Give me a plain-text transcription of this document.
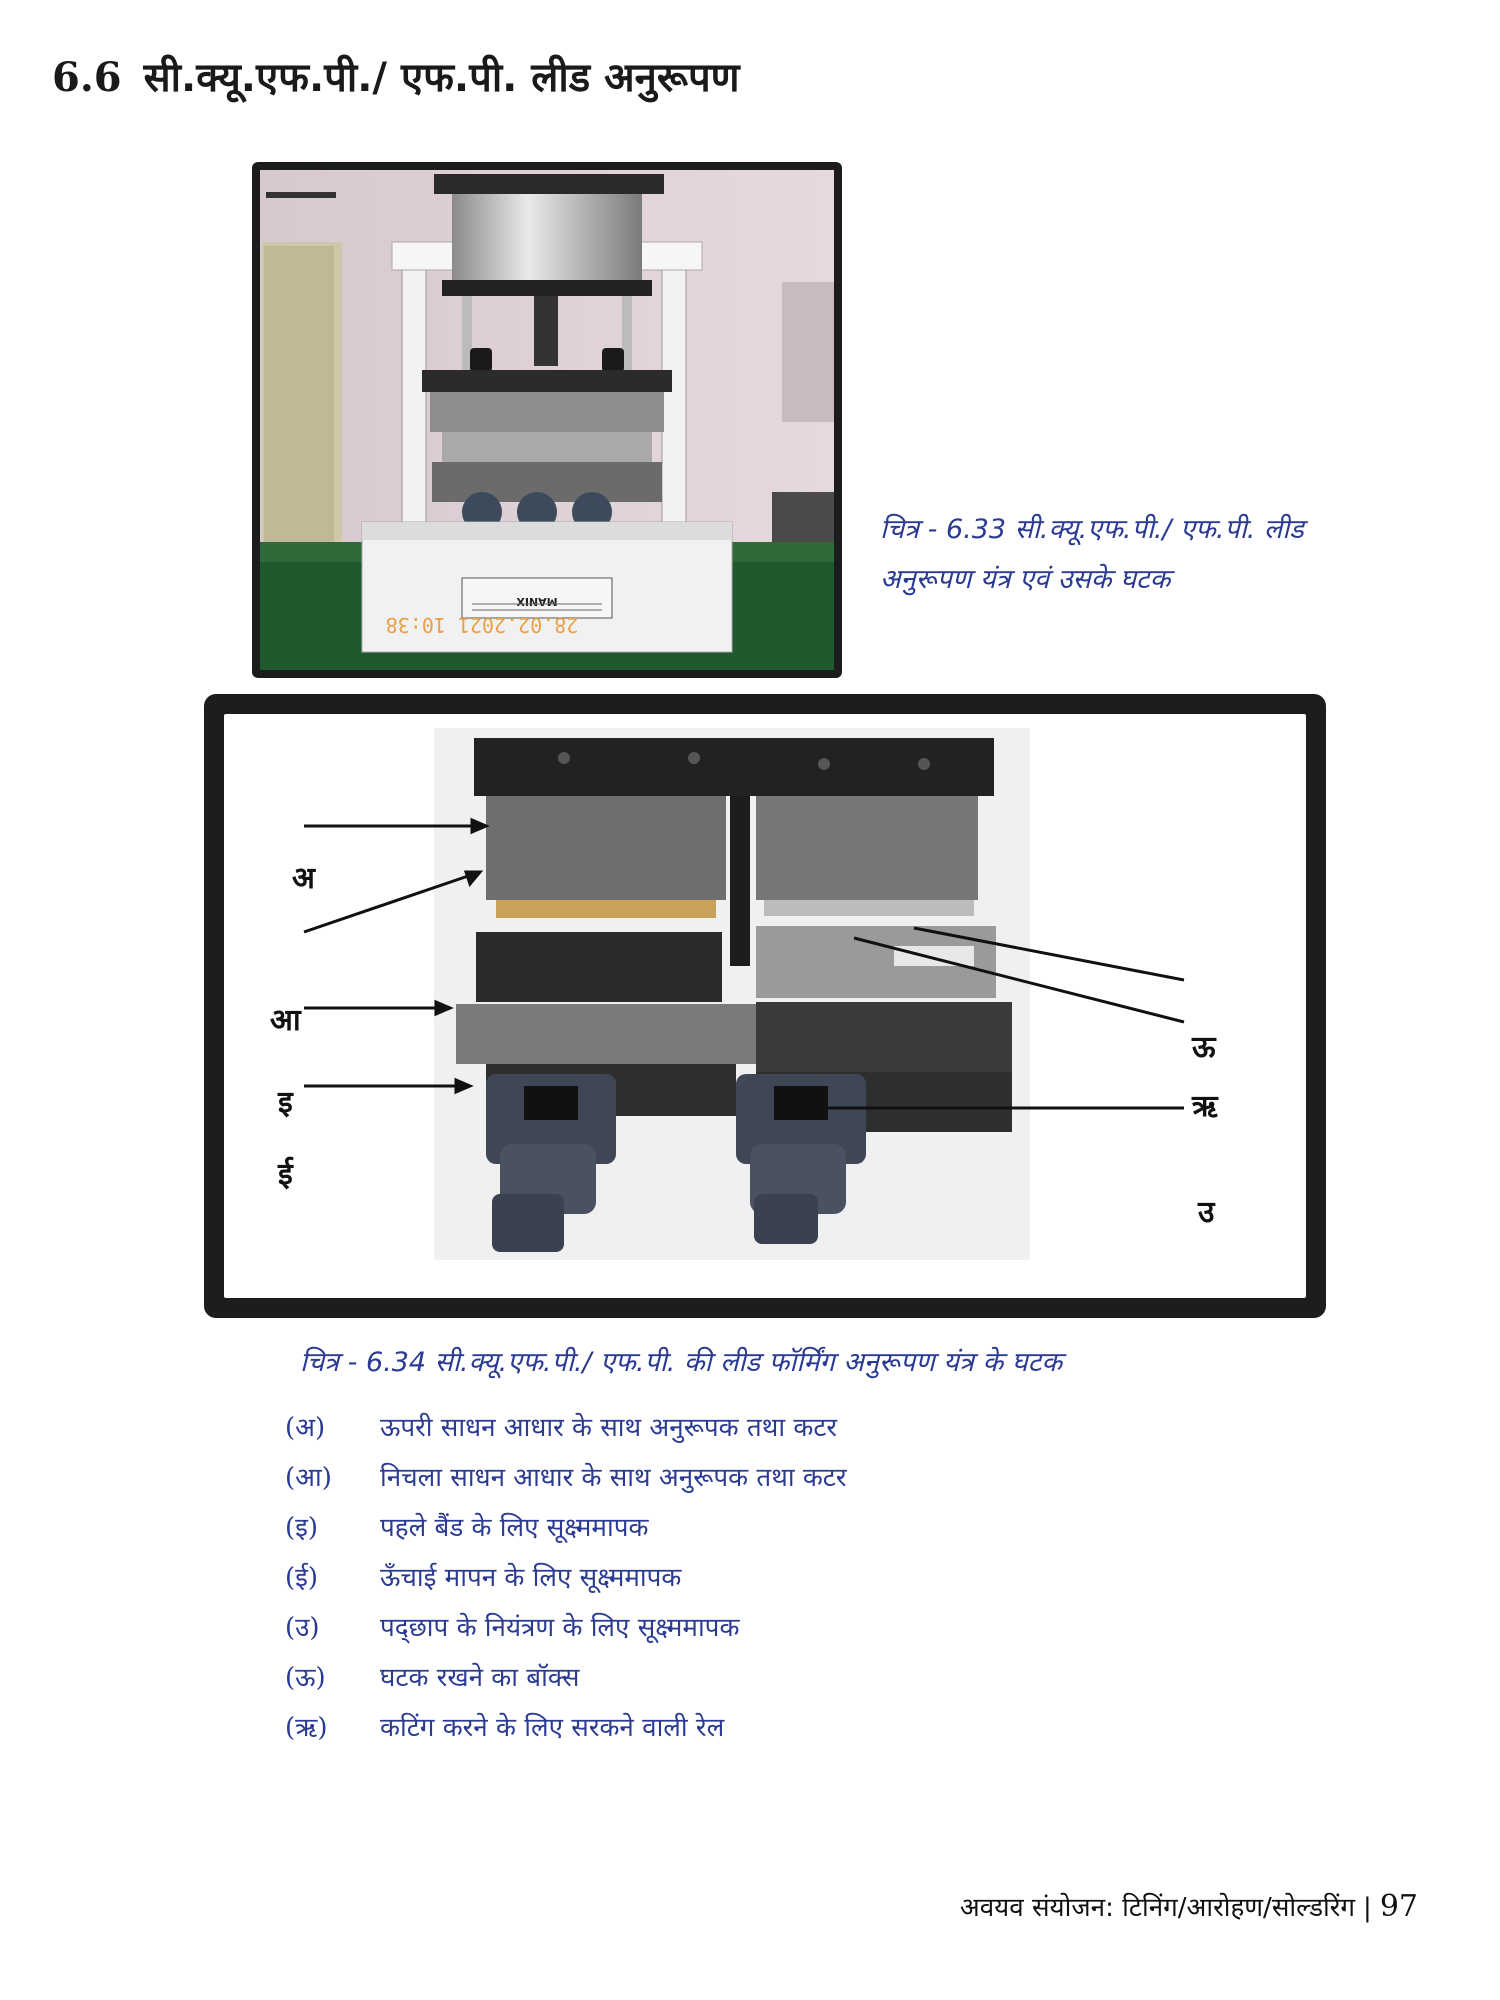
6.6 सी.क्यू.एफ.पी./ एफ.पी. लीड अनुरूपण
MANIX
28.02.2021 10:38
चित्र - 6.33 सी.क्यू.एफ.पी./ एफ.पी. लीड
अनुरूपण यंत्र एवं उसके घटक
अ
आ
इ
ई
ऊ
ऋ
उ
चित्र - 6.34 सी.क्यू.एफ.पी./ एफ.पी. की लीड फॉर्मिंग अनुरूपण यंत्र के घटक
(अ)	ऊपरी साधन आधार के साथ अनुरूपक तथा कटर
(आ)	निचला साधन आधार के साथ अनुरूपक तथा कटर
(इ)	पहले बैंड के लिए सूक्ष्ममापक
(ई)	ऊँचाई मापन के लिए सूक्ष्ममापक
(उ)	पद्छाप के नियंत्रण के लिए सूक्ष्ममापक
(ऊ)	घटक रखने का बॉक्स
(ऋ)	कटिंग करने के लिए सरकने वाली रेल
अवयव संयोजन: टिनिंग/आरोहण/सोल्डरिंग | 97
